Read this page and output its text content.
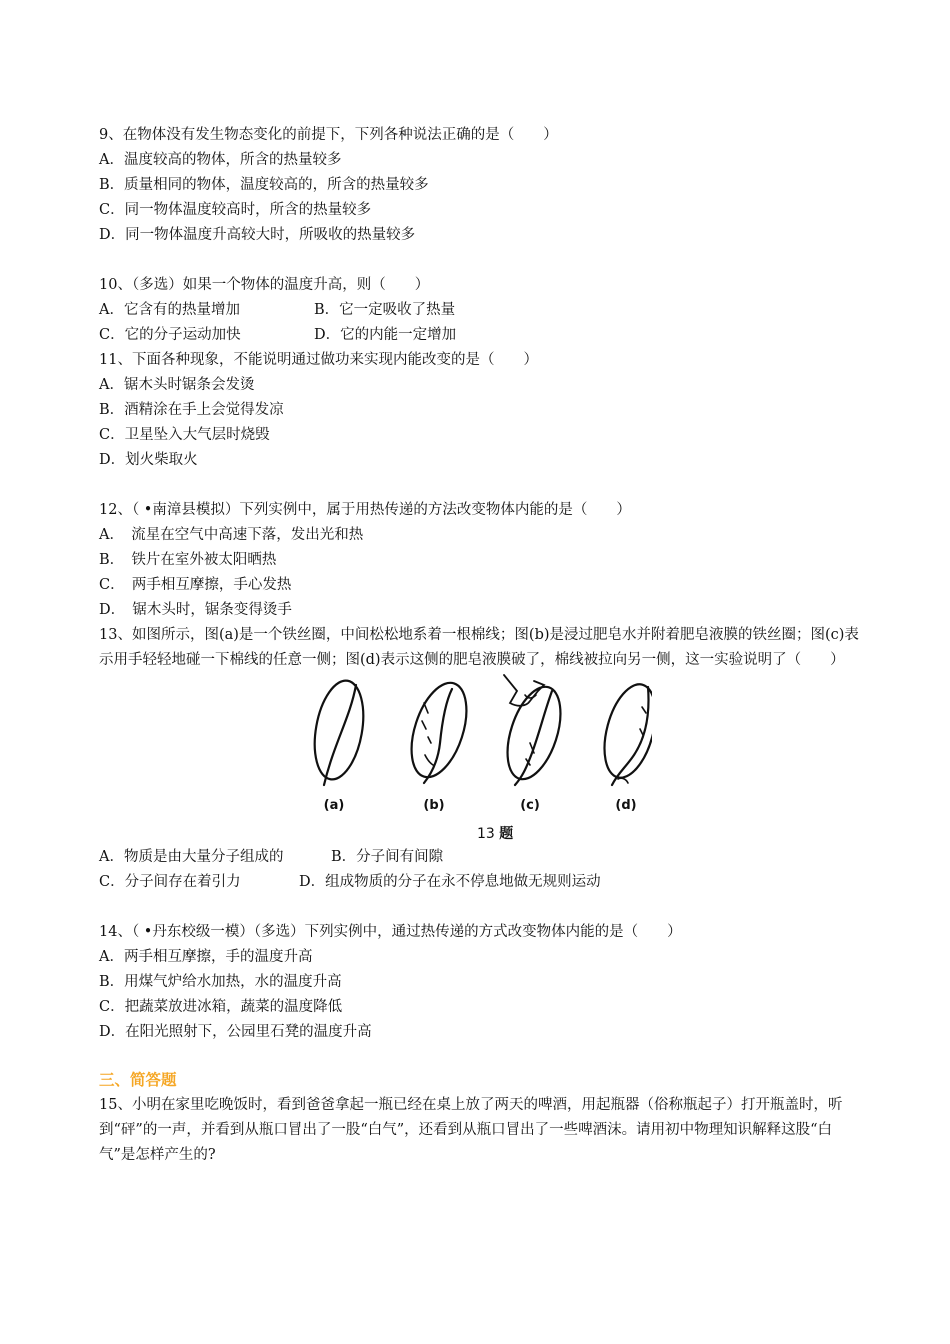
9、在物体没有发生物态变化的前提下，下列各种说法正确的是（　　）
A．温度较高的物体，所含的热量较多
B．质量相同的物体，温度较高的，所含的热量较多
C．同一物体温度较高时，所含的热量较多
D．同一物体温度升高较大时，所吸收的热量较多
10、（多选）如果一个物体的温度升高，则（　　）
A．它含有的热量增加	B．它一定吸收了热量
C．它的分子运动加快	D．它的内能一定增加
11、下面各种现象，不能说明通过做功来实现内能改变的是（　　）
A．锯木头时锯条会发烫
B．酒精涂在手上会觉得发凉
C．卫星坠入大气层时烧毁
D．划火柴取火
12、（ •南漳县模拟）下列实例中，属于用热传递的方法改变物体内能的是（　　）
A．　流星在空气中高速下落，发出光和热
B．　铁片在室外被太阳晒热
C．　两手相互摩擦，手心发热
D．　锯木头时，锯条变得烫手
13、如图所示，图(a)是一个铁丝圈，中间松松地系着一根棉线；图(b)是浸过肥皂水并附着肥皂液膜的铁丝圈；图(c)表示用手轻轻地碰一下棉线的任意一侧；图(d)表示这侧的肥皂液膜破了，棉线被拉向另一侧，这一实验说明了（　　）
(a)	(b)	(c)	(d)
13 题
A．物质是由大量分子组成的	B．分子间有间隙
C．分子间存在着引力	D．组成物质的分子在永不停息地做无规则运动
14、（ •丹东校级一模）（多选）下列实例中，通过热传递的方式改变物体内能的是（　　）
A．两手相互摩擦，手的温度升高
B．用煤气炉给水加热，水的温度升高
C．把蔬菜放进冰箱，蔬菜的温度降低
D．在阳光照射下，公园里石凳的温度升高
三、简答题
15、小明在家里吃晚饭时，看到爸爸拿起一瓶已经在桌上放了两天的啤酒，用起瓶器（俗称瓶起子）打开瓶盖时，听到“砰”的一声，并看到从瓶口冒出了一股“白气”，还看到从瓶口冒出了一些啤酒沫。请用初中物理知识解释这股“白气”是怎样产生的?
